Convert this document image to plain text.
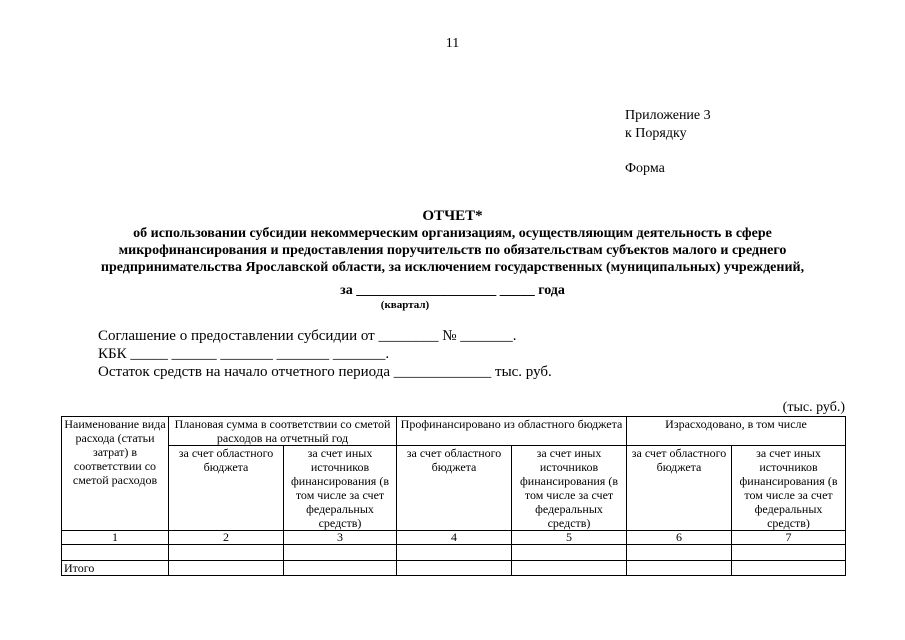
11
Приложение 3
к Порядку
Форма
ОТЧЕТ*
об использовании субсидии некоммерческим организациям, осуществляющим деятельность в сфере
микрофинансирования и предоставления поручительств по обязательствам субъектов малого и среднего
предпринимательства Ярославской области, за исключением государственных (муниципальных) учреждений,
за ____________________ _____ года
(квартал)
Соглашение о предоставлении субсидии от ________ № _______.
КБК _____ ______ _______ _______ _______.
Остаток средств на начало отчетного периода _____________ тыс. руб.
(тыс. руб.)
Наименование вида расхода (статьи затрат) в соответствии со сметой расходов	Плановая сумма в соответствии со сметой расходов на отчетный год		Профинансировано из областного бюджета		Израсходовано, в том числе	
	за счет областного бюджета	за счет иных источников финансирования (в том числе за счет федеральных средств)	за счет областного бюджета	за счет иных источников финансирования (в том числе за счет федеральных средств)	за счет областного бюджета	за счет иных источников финансирования (в том числе за счет федеральных средств)
1	2	3	4	5	6	7

Итого						
